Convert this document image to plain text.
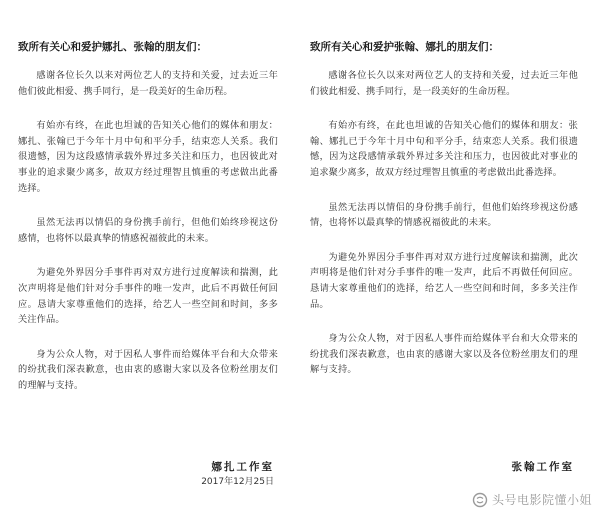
致所有关心和爱护娜扎、张翰的朋友们：

感谢各位长久以来对两位艺人的支持和关爱，过去近三年他们彼此相爱、携手同行，是一段美好的生命历程。

有始亦有终，在此也坦诚的告知关心他们的媒体和朋友：娜扎、张翰已于今年十月中旬和平分手，结束恋人关系。我们很遗憾，因为这段感情承载外界过多关注和压力，也因彼此对事业的追求聚少离多，故双方经过理智且慎重的考虑做出此番选择。

虽然无法再以情侣的身份携手前行，但他们始终珍视这份感情，也将怀以最真挚的情感祝福彼此的未来。

为避免外界因分手事件再对双方进行过度解读和揣测，此次声明将是他们针对分手事件的唯一发声，此后不再做任何回应。恳请大家尊重他们的选择，给艺人一些空间和时间，多多关注作品。

身为公众人物，对于因私人事件而给媒体平台和大众带来的纷扰我们深表歉意，也由衷的感谢大家以及各位粉丝朋友们的理解与支持。

娜扎工作室
2017年12月25日
致所有关心和爱护张翰、娜扎的朋友们：

感谢各位长久以来对两位艺人的支持和关爱，过去近三年他们彼此相爱、携手同行，是一段美好的生命历程。

有始亦有终，在此也坦诚的告知关心他们的媒体和朋友：张翰、娜扎已于今年十月中旬和平分手，结束恋人关系。我们很遗憾，因为这段感情承载外界过多关注和压力，也因彼此对事业的追求聚少离多，故双方经过理智且慎重的考虑做出此番选择。

虽然无法再以情侣的身份携手前行，但他们始终珍视这份感情，也将怀以最真挚的情感祝福彼此的未来。

为避免外界因分手事件再对双方进行过度解读和揣测，此次声明将是他们针对分手事件的唯一发声，此后不再做任何回应。恳请大家尊重他们的选择，给艺人一些空间和时间，多多关注作品。

身为公众人物，对于因私人事件而给媒体平台和大众带来的纷扰我们深表歉意，也由衷的感谢大家以及各位粉丝朋友们的理解与支持。

张翰工作室
头号电影院懂小姐
